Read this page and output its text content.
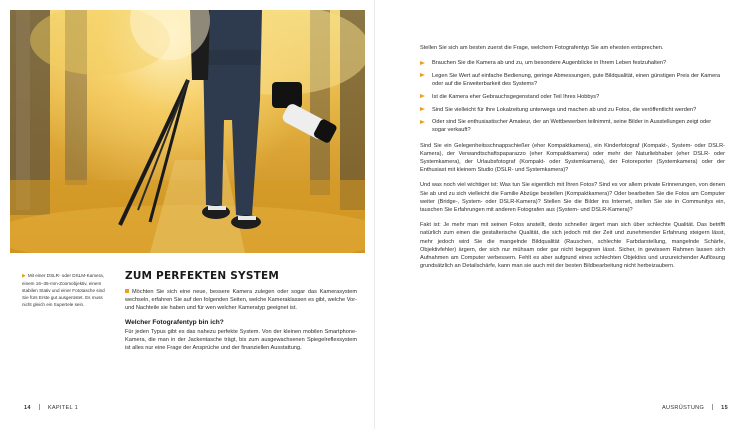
▶ Mit einer DSLR- oder DSLM-Kamera, einem 16–35-mm-Zoomobjektiv, einem stabilen Stativ und einer Fototasche sind Sie fürs Erste gut ausgerüstet. Es muss nicht gleich ein Supertele sein.
ZUM PERFEKTEN SYSTEM

Möchten Sie sich eine neue, bessere Kamera zulegen oder sogar das Kamerasystem wechseln, erfahren Sie auf den folgenden Seiten, welche Kameraklassen es gibt, welche Vor- und Nachteile sie haben und für wen welcher Kameratyp geeignet ist.

Welcher Fotografentyp bin ich?

Für jeden Typus gibt es das nahezu perfekte System. Von der kleinen mobilen Smartphone-Kamera, die man in der Jackentasche trägt, bis zum ausgewachsenen Spiegelreflexsystem ist alles nur eine Frage der Ansprüche und der finanziellen Ausstattung.

14	KAPITEL 1

Stellen Sie sich am besten zuerst die Frage, welchem Fotografentyp Sie am ehesten entsprechen.

Brauchen Sie die Kamera ab und zu, um besondere Augenblicke in Ihrem Leben festzuhalten?
Legen Sie Wert auf einfache Bedienung, geringe Abmessungen, gute Bildqualität, einen günstigen Preis der Kamera oder auf die Erweiterbarkeit des Systems?
Ist die Kamera eher Gebrauchsgegenstand oder Teil Ihres Hobbys?
Sind Sie vielleicht für Ihre Lokalzeitung unterwegs und machen ab und zu Fotos, die veröffentlicht werden?
Oder sind Sie enthusiastischer Amateur, der an Wettbewerben teilnimmt, seine Bilder in Ausstellungen zeigt oder sogar verkauft?

Sind Sie ein Gelegenheitsschnappschießer (eher Kompaktkamera), ein Kinderfotograf (Kompakt-, System- oder DSLR-Kamera), der Verwandtschaftspaparazzo (eher Kompaktkamera) oder mehr der Naturliebhaber (eher DSLR- oder Systemkamera), der Urlaubsfotograf (Kompakt- oder Systemkamera), der Fotoreporter (Systemkamera) oder der Enthusiast mit kleinem Studio (DSLR- und Systemkamera)?

Und was noch viel wichtiger ist: Was tun Sie eigentlich mit Ihren Fotos? Sind es vor allem private Erinnerungen, von denen Sie ab und zu sich vielleicht die Familie Abzüge bestellen (Kompaktkamera)? Oder bearbeiten Sie die Fotos am Computer weiter (Bridge-, System- oder DSLR-Kamera)? Stellen Sie die Bilder ins Internet, stellen Sie sie in Communitys ein, tauschen Sie Erfahrungen mit anderen Fotografen aus (System- und DSLR-Kamera)?

Fakt ist: Je mehr man mit seinen Fotos anstellt, desto schneller ärgert man sich über schlechte Qualität. Das betrifft natürlich zum einen die gestalterische Qualität, die sich jedoch mit der Zeit und zunehmender Erfahrung steigern lässt, mehr jedoch wird Sie die mangelnde Bildqualität (Rauschen, schlechte Farbdarstellung, mangelnde Schärfe, Objektivfehler) ärgern, der sich nur mühsam oder gar nicht begegnen lässt. Sicher, in gewissem Rahmen lassen sich Aufnahmen am Computer verbessern. Fehlt es aber aufgrund eines schlechten Objektivs und unzureichender Auflösung grundsätzlich an Detailschärfe, kann man sie auch mit der besten Bildbearbeitung nicht herbeizaubern.

AUSRÜSTUNG	15
